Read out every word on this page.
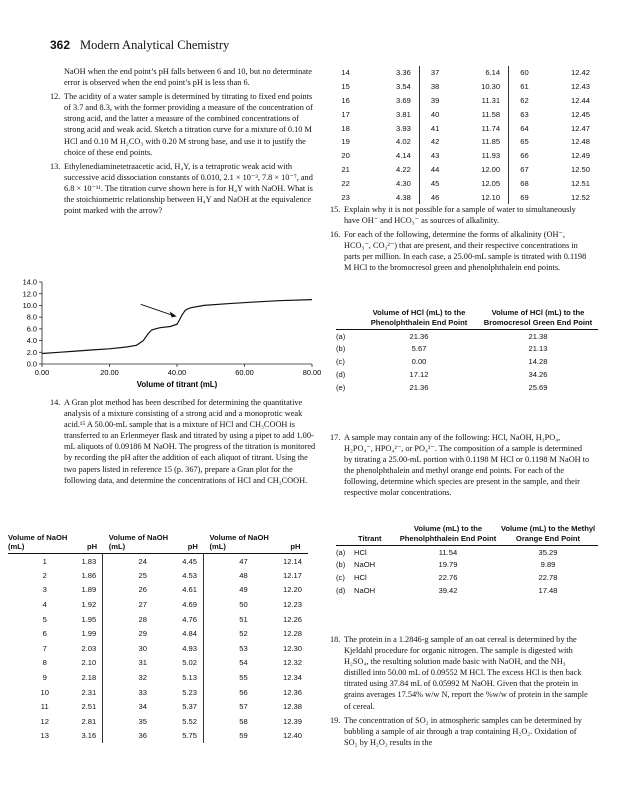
362 Modern Analytical Chemistry
NaOH when the end point’s pH falls between 6 and 10, but no determinate error is observed when the end point’s pH is less than 6.
12. The acidity of a water sample is determined by titrating to fixed end points of 3.7 and 8.3, with the former providing a measure of the concentration of strong acid, and the latter a measure of the combined concentrations of strong acid and weak acid. Sketch a titration curve for a mixture of 0.10 M HCl and 0.10 M H₂CO₃ with 0.20 M strong base, and use it to justify the choice of these end points.
13. Ethylenediaminetetraacetic acid, H₄Y, is a tetraprotic weak acid with successive acid dissociation constants of 0.010, 2.1 × 10⁻³, 7.8 × 10⁻⁷, and 6.8 × 10⁻¹¹. The titration curve shown here is for H₄Y with NaOH. What is the stoichiometric relationship between H₄Y and NaOH at the equivalence point marked with the arrow?
0.0
2.0
4.0
6.0
8.0
10.0
12.0
14.0
0.00	20.00	40.00	60.00	80.00
Volume of titrant (mL)
14. A Gran plot method has been described for determining the quantitative analysis of a mixture consisting of a strong acid and a monoprotic weak acid.¹⁵ A 50.00-mL sample that is a mixture of HCl and CH₃COOH is transferred to an Erlenmeyer flask and titrated by using a pipet to add 1.00-mL aliquots of 0.09186 M NaOH. The progress of the titration is monitored by recording the pH after the addition of each aliquot of titrant. Using the two papers listed in reference 15 (p. 367), prepare a Gran plot for the following data, and determine the concentrations of HCl and CH₃COOH.
Volume of NaOH (mL)	pH	Volume of NaOH (mL)	pH	Volume of NaOH (mL)	pH
1	1.83	24	4.45	47	12.14
2	1.86	25	4.53	48	12.17
3	1.89	26	4.61	49	12.20
4	1.92	27	4.69	50	12.23
5	1.95	28	4.76	51	12.26
6	1.99	29	4.84	52	12.28
7	2.03	30	4.93	53	12.30
8	2.10	31	5.02	54	12.32
9	2.18	32	5.13	55	12.34
10	2.31	33	5.23	56	12.36
11	2.51	34	5.37	57	12.38
12	2.81	35	5.52	58	12.39
13	3.16	36	5.75	59	12.40
14	3.36	37	6.14	60	12.42
15	3.54	38	10.30	61	12.43
16	3.69	39	11.31	62	12.44
17	3.81	40	11.58	63	12.45
18	3.93	41	11.74	64	12.47
19	4.02	42	11.85	65	12.48
20	4.14	43	11.93	66	12.49
21	4.22	44	12.00	67	12.50
22	4.30	45	12.05	68	12.51
23	4.38	46	12.10	69	12.52
15. Explain why it is not possible for a sample of water to simultaneously have OH⁻ and HCO₃⁻ as sources of alkalinity.
16. For each of the following, determine the forms of alkalinity (OH⁻, HCO₃⁻, CO₃²⁻) that are present, and their respective concentrations in parts per million. In each case, a 25.00-mL sample is titrated with 0.1198 M HCl to the bromocresol green and phenolphthalein end points.
	Volume of HCl (mL) to the Phenolphthalein End Point	Volume of HCl (mL) to the Bromocresol Green End Point
(a)	21.36	21.38
(b)	5.67	21.13
(c)	0.00	14.28
(d)	17.12	34.26
(e)	21.36	25.69
17. A sample may contain any of the following: HCl, NaOH, H₃PO₄, H₂PO₄⁻, HPO₄²⁻, or PO₄³⁻. The composition of a sample is determined by titrating a 25.00-mL portion with 0.1198 M HCl or 0.1198 M NaOH to the phenolphthalein and methyl orange end points. For each of the following, determine which species are present in the sample, and their respective molar concentrations.
Titrant	Volume (mL) to the Phenolphthalein End Point	Volume (mL) to the Methyl Orange End Point
(a) HCl	11.54	35.29
(b) NaOH	19.79	9.89
(c) HCl	22.76	22.78
(d) NaOH	39.42	17.48
18. The protein in a 1.2846-g sample of an oat cereal is determined by the Kjeldahl procedure for organic nitrogen. The sample is digested with H₂SO₄, the resulting solution made basic with NaOH, and the NH₃ distilled into 50.00 mL of 0.09552 M HCl. The excess HCl is then back titrated using 37.84 mL of 0.05992 M NaOH. Given that the protein in grains averages 17.54% w/w N, report the %w/w of protein in the sample of cereal.
19. The concentration of SO₂ in atmospheric samples can be determined by bubbling a sample of air through a trap containing H₂O₂. Oxidation of SO₂ by H₂O₂ results in the
